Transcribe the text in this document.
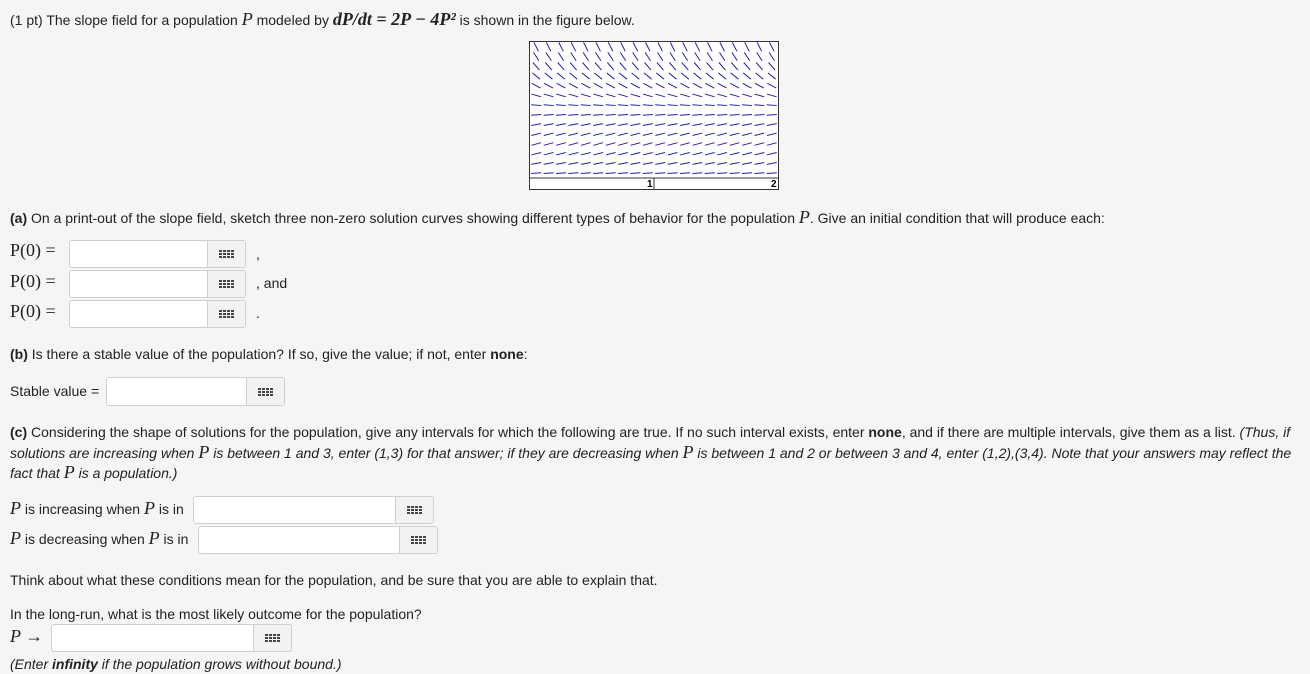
(1 pt) The slope field for a population P modeled by dP/dt = 2P − 4P² is shown in the figure below.
1	2
(a) On a print-out of the slope field, sketch three non-zero solution curves showing different types of behavior for the population P. Give an initial condition that will produce each:
P(0) =	,
P(0) =	, and
P(0) =	.
(b) Is there a stable value of the population? If so, give the value; if not, enter none:
Stable value =
(c) Considering the shape of solutions for the population, give any intervals for which the following are true. If no such interval exists, enter none, and if there are multiple intervals, give them as a list. (Thus, if
solutions are increasing when P is between 1 and 3, enter (1,3) for that answer; if they are decreasing when P is between 1 and 2 or between 3 and 4, enter (1,2),(3,4). Note that your answers may reflect the
fact that P is a population.)
P is increasing when P is in
P is decreasing when P is in
Think about what these conditions mean for the population, and be sure that you are able to explain that.
In the long-run, what is the most likely outcome for the population?
P →
(Enter infinity if the population grows without bound.)
